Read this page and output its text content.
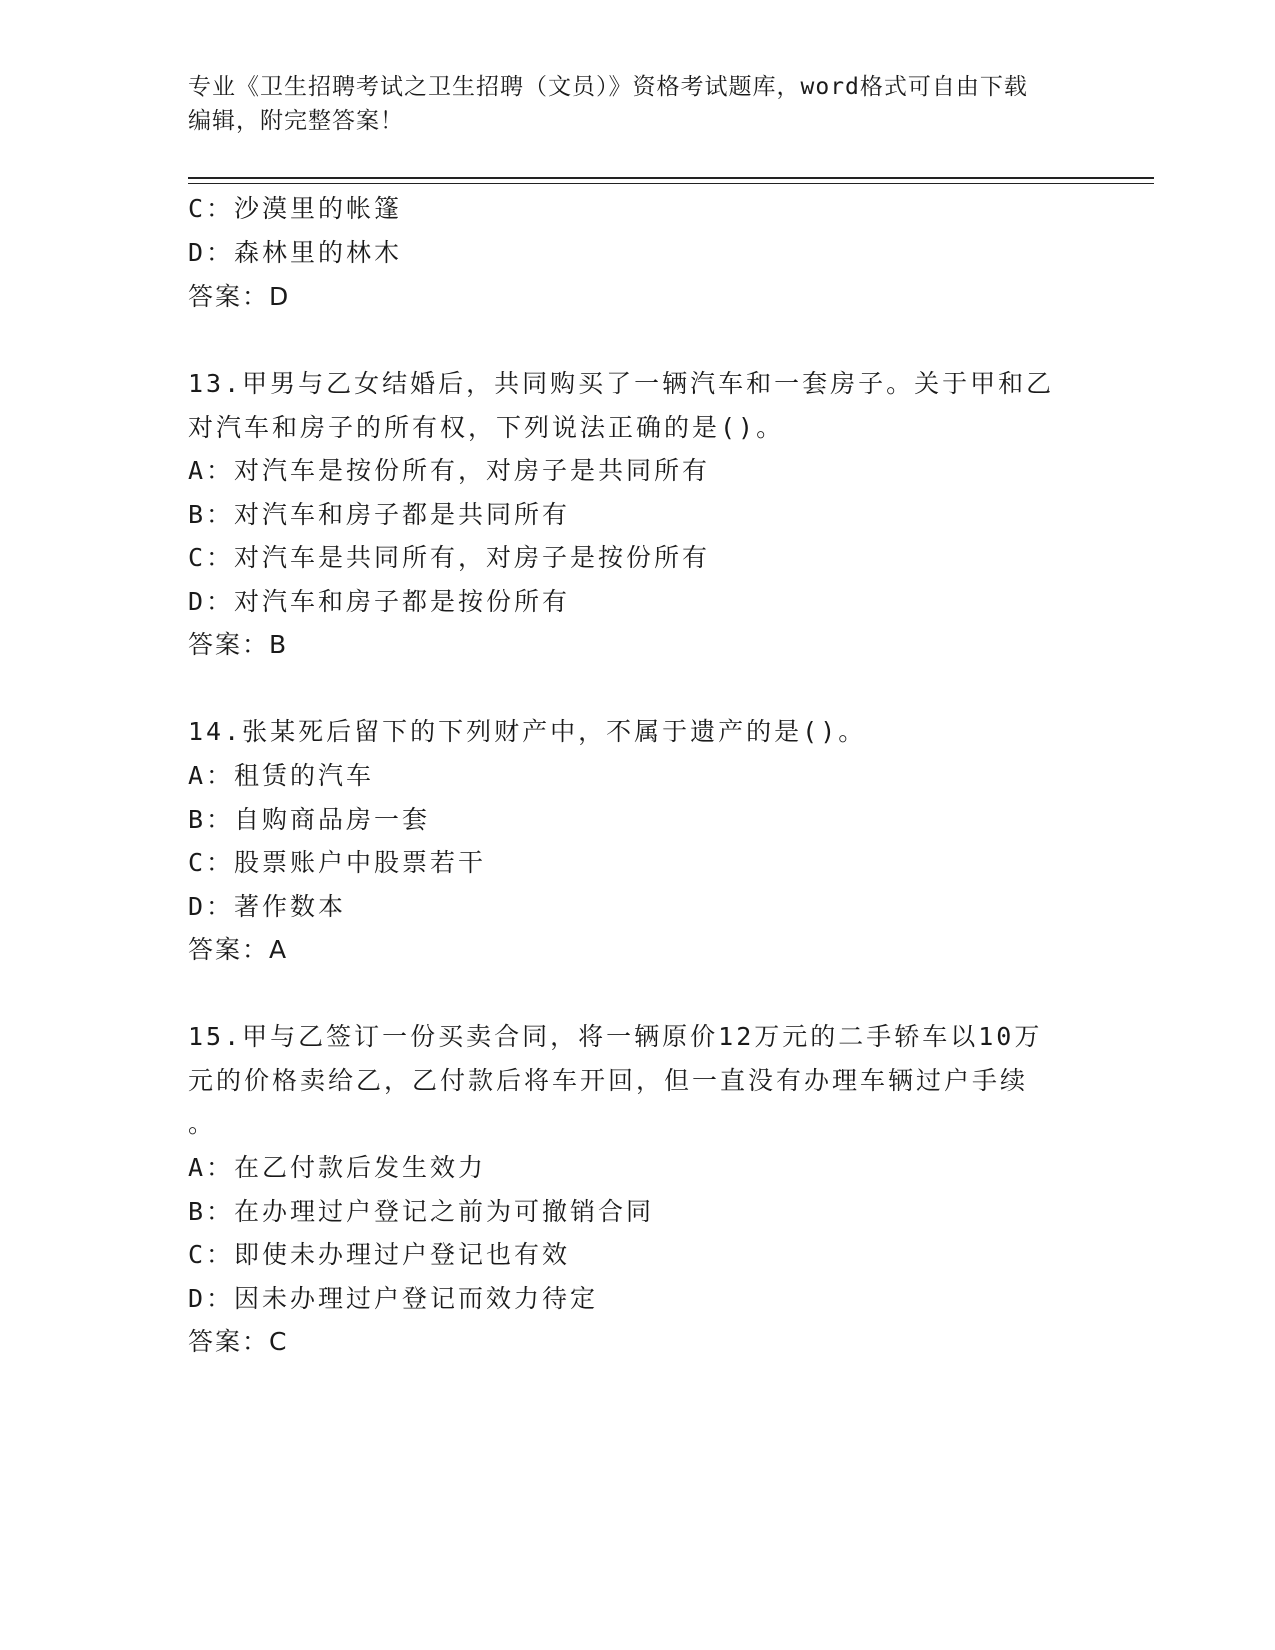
专业《卫生招聘考试之卫生招聘（文员）》资格考试题库，word格式可自由下载
编辑，附完整答案！
C：沙漠里的帐篷
D：森林里的林木
答案：D
13.甲男与乙女结婚后，共同购买了一辆汽车和一套房子。关于甲和乙
对汽车和房子的所有权，下列说法正确的是()。
A：对汽车是按份所有，对房子是共同所有
B：对汽车和房子都是共同所有
C：对汽车是共同所有，对房子是按份所有
D：对汽车和房子都是按份所有
答案：B
14.张某死后留下的下列财产中，不属于遗产的是()。
A：租赁的汽车
B：自购商品房一套
C：股票账户中股票若干
D：著作数本
答案：A
15.甲与乙签订一份买卖合同，将一辆原价12万元的二手轿车以10万
元的价格卖给乙，乙付款后将车开回，但一直没有办理车辆过户手续
。
A：在乙付款后发生效力
B：在办理过户登记之前为可撤销合同
C：即使未办理过户登记也有效
D：因未办理过户登记而效力待定
答案：C
